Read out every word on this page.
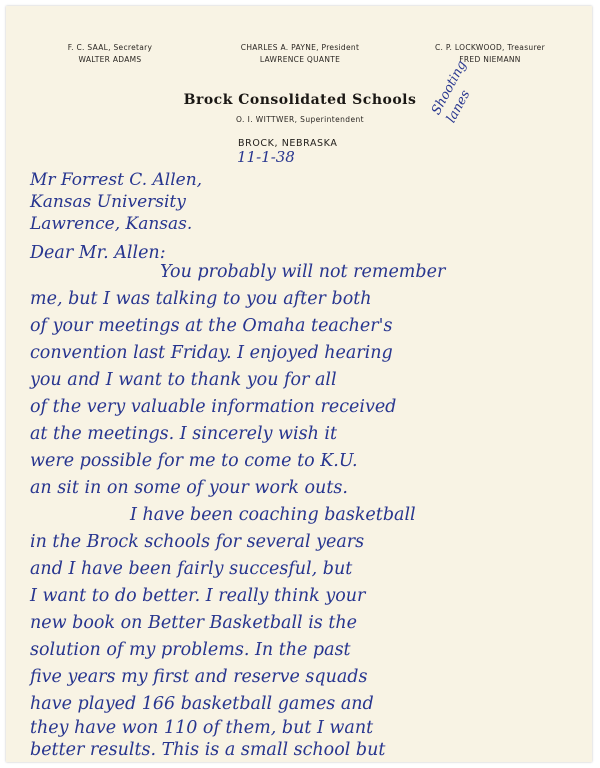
F. C. SAAL, Secretary
WALTER ADAMS
CHARLES A. PAYNE, President
LAWRENCE QUANTE
C. P. LOCKWOOD, Treasurer
FRED NIEMANN
Brock Consolidated Schools
O. I. WITTWER, Superintendent
BROCK, NEBRASKA
11-1-38
Shooting lanes
Mr Forrest C. Allen,
Kansas University
Lawrence, Kansas.
Dear Mr. Allen:
You probably will not remember
me, but I was talking to you after both
of your meetings at the Omaha teacher's
convention last Friday. I enjoyed hearing
you and I want to thank you for all
of the very valuable information received
at the meetings. I sincerely wish it
were possible for me to come to K.U.
an sit in on some of your work outs.
I have been coaching basketball
in the Brock schools for several years
and I have been fairly succesful, but
I want to do better. I really think your
new book on Better Basketball is the
solution of my problems. In the past
five years my first and reserve squads
have played 166 basketball games and
they have won 110 of them, but I want
better results. This is a small school but
